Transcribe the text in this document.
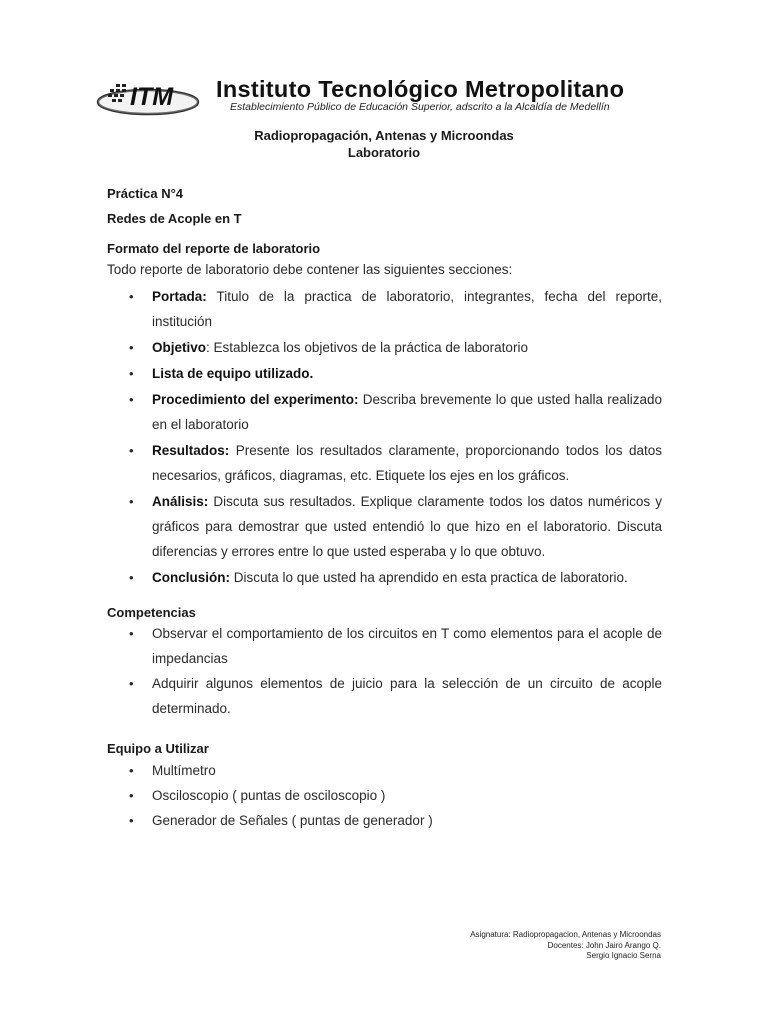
ITM Instituto Tecnológico Metropolitano
Establecimiento Público de Educación Superior, adscrito a la Alcaldía de Medellín
Radiopropagación, Antenas y Microondas
Laboratorio
Práctica N°4
Redes de Acople en T
Formato del reporte de laboratorio
Todo reporte de laboratorio debe contener las siguientes secciones:
• Portada: Titulo de la practica de laboratorio, integrantes, fecha del reporte, institución
• Objetivo: Establezca los objetivos de la práctica de laboratorio
• Lista de equipo utilizado.
• Procedimiento del experimento: Describa brevemente lo que usted halla realizado en el laboratorio
• Resultados: Presente los resultados claramente, proporcionando todos los datos necesarios, gráficos, diagramas, etc. Etiquete los ejes en los gráficos.
• Análisis: Discuta sus resultados. Explique claramente todos los datos numéricos y gráficos para demostrar que usted entendió lo que hizo en el laboratorio. Discuta diferencias y errores entre lo que usted esperaba y lo que obtuvo.
• Conclusión: Discuta lo que usted ha aprendido en esta practica de laboratorio.
Competencias
• Observar el comportamiento de los circuitos en T como elementos para el acople de impedancias
• Adquirir algunos elementos de juicio para la selección de un circuito de acople determinado.
Equipo a Utilizar
• Multímetro
• Osciloscopio ( puntas de osciloscopio )
• Generador de Señales ( puntas de generador )
Asignatura: Radiopropagacion, Antenas y Microondas
Docentes: John Jairo Arango Q.
Sergio Ignacio Serna
